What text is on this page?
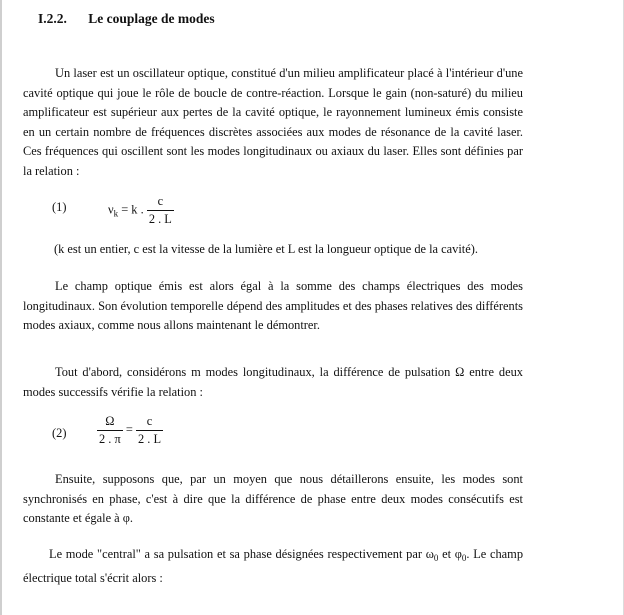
I.2.2. Le couplage de modes
Un laser est un oscillateur optique, constitué d'un milieu amplificateur placé à l'intérieur d'une cavité optique qui joue le rôle de boucle de contre-réaction. Lorsque le gain (non-saturé) du milieu amplificateur est supérieur aux pertes de la cavité optique, le rayonnement lumineux émis consiste en un certain nombre de fréquences discrètes associées aux modes de résonance de la cavité laser. Ces fréquences qui oscillent sont les modes longitudinaux ou axiaux du laser. Elles sont définies par la relation :
(1)	$\nu_k = k$ . $\frac{c}{2 . L}$
(k est un entier, c est la vitesse de la lumière et L est la longueur optique de la cavité).
Le champ optique émis est alors égal à la somme des champs électriques des modes longitudinaux. Son évolution temporelle dépend des amplitudes et des phases relatives des différents modes axiaux, comme nous allons maintenant le démontrer.
Tout d'abord, considérons m modes longitudinaux, la différence de pulsation Ω entre deux modes successifs vérifie la relation :
$(2) \frac{\Omega}{2 . \pi} = \frac{c}{2 . L}$
Ensuite, supposons que, par un moyen que nous détaillerons ensuite, les modes sont synchronisés en phase, c'est à dire que la différence de phase entre deux modes consécutifs est constante et égale à φ.
Le mode "central" a sa pulsation et sa phase désignées respectivement par $\omega_0$ et $\varphi_0$. Le champ électrique total s'écrit alors :
